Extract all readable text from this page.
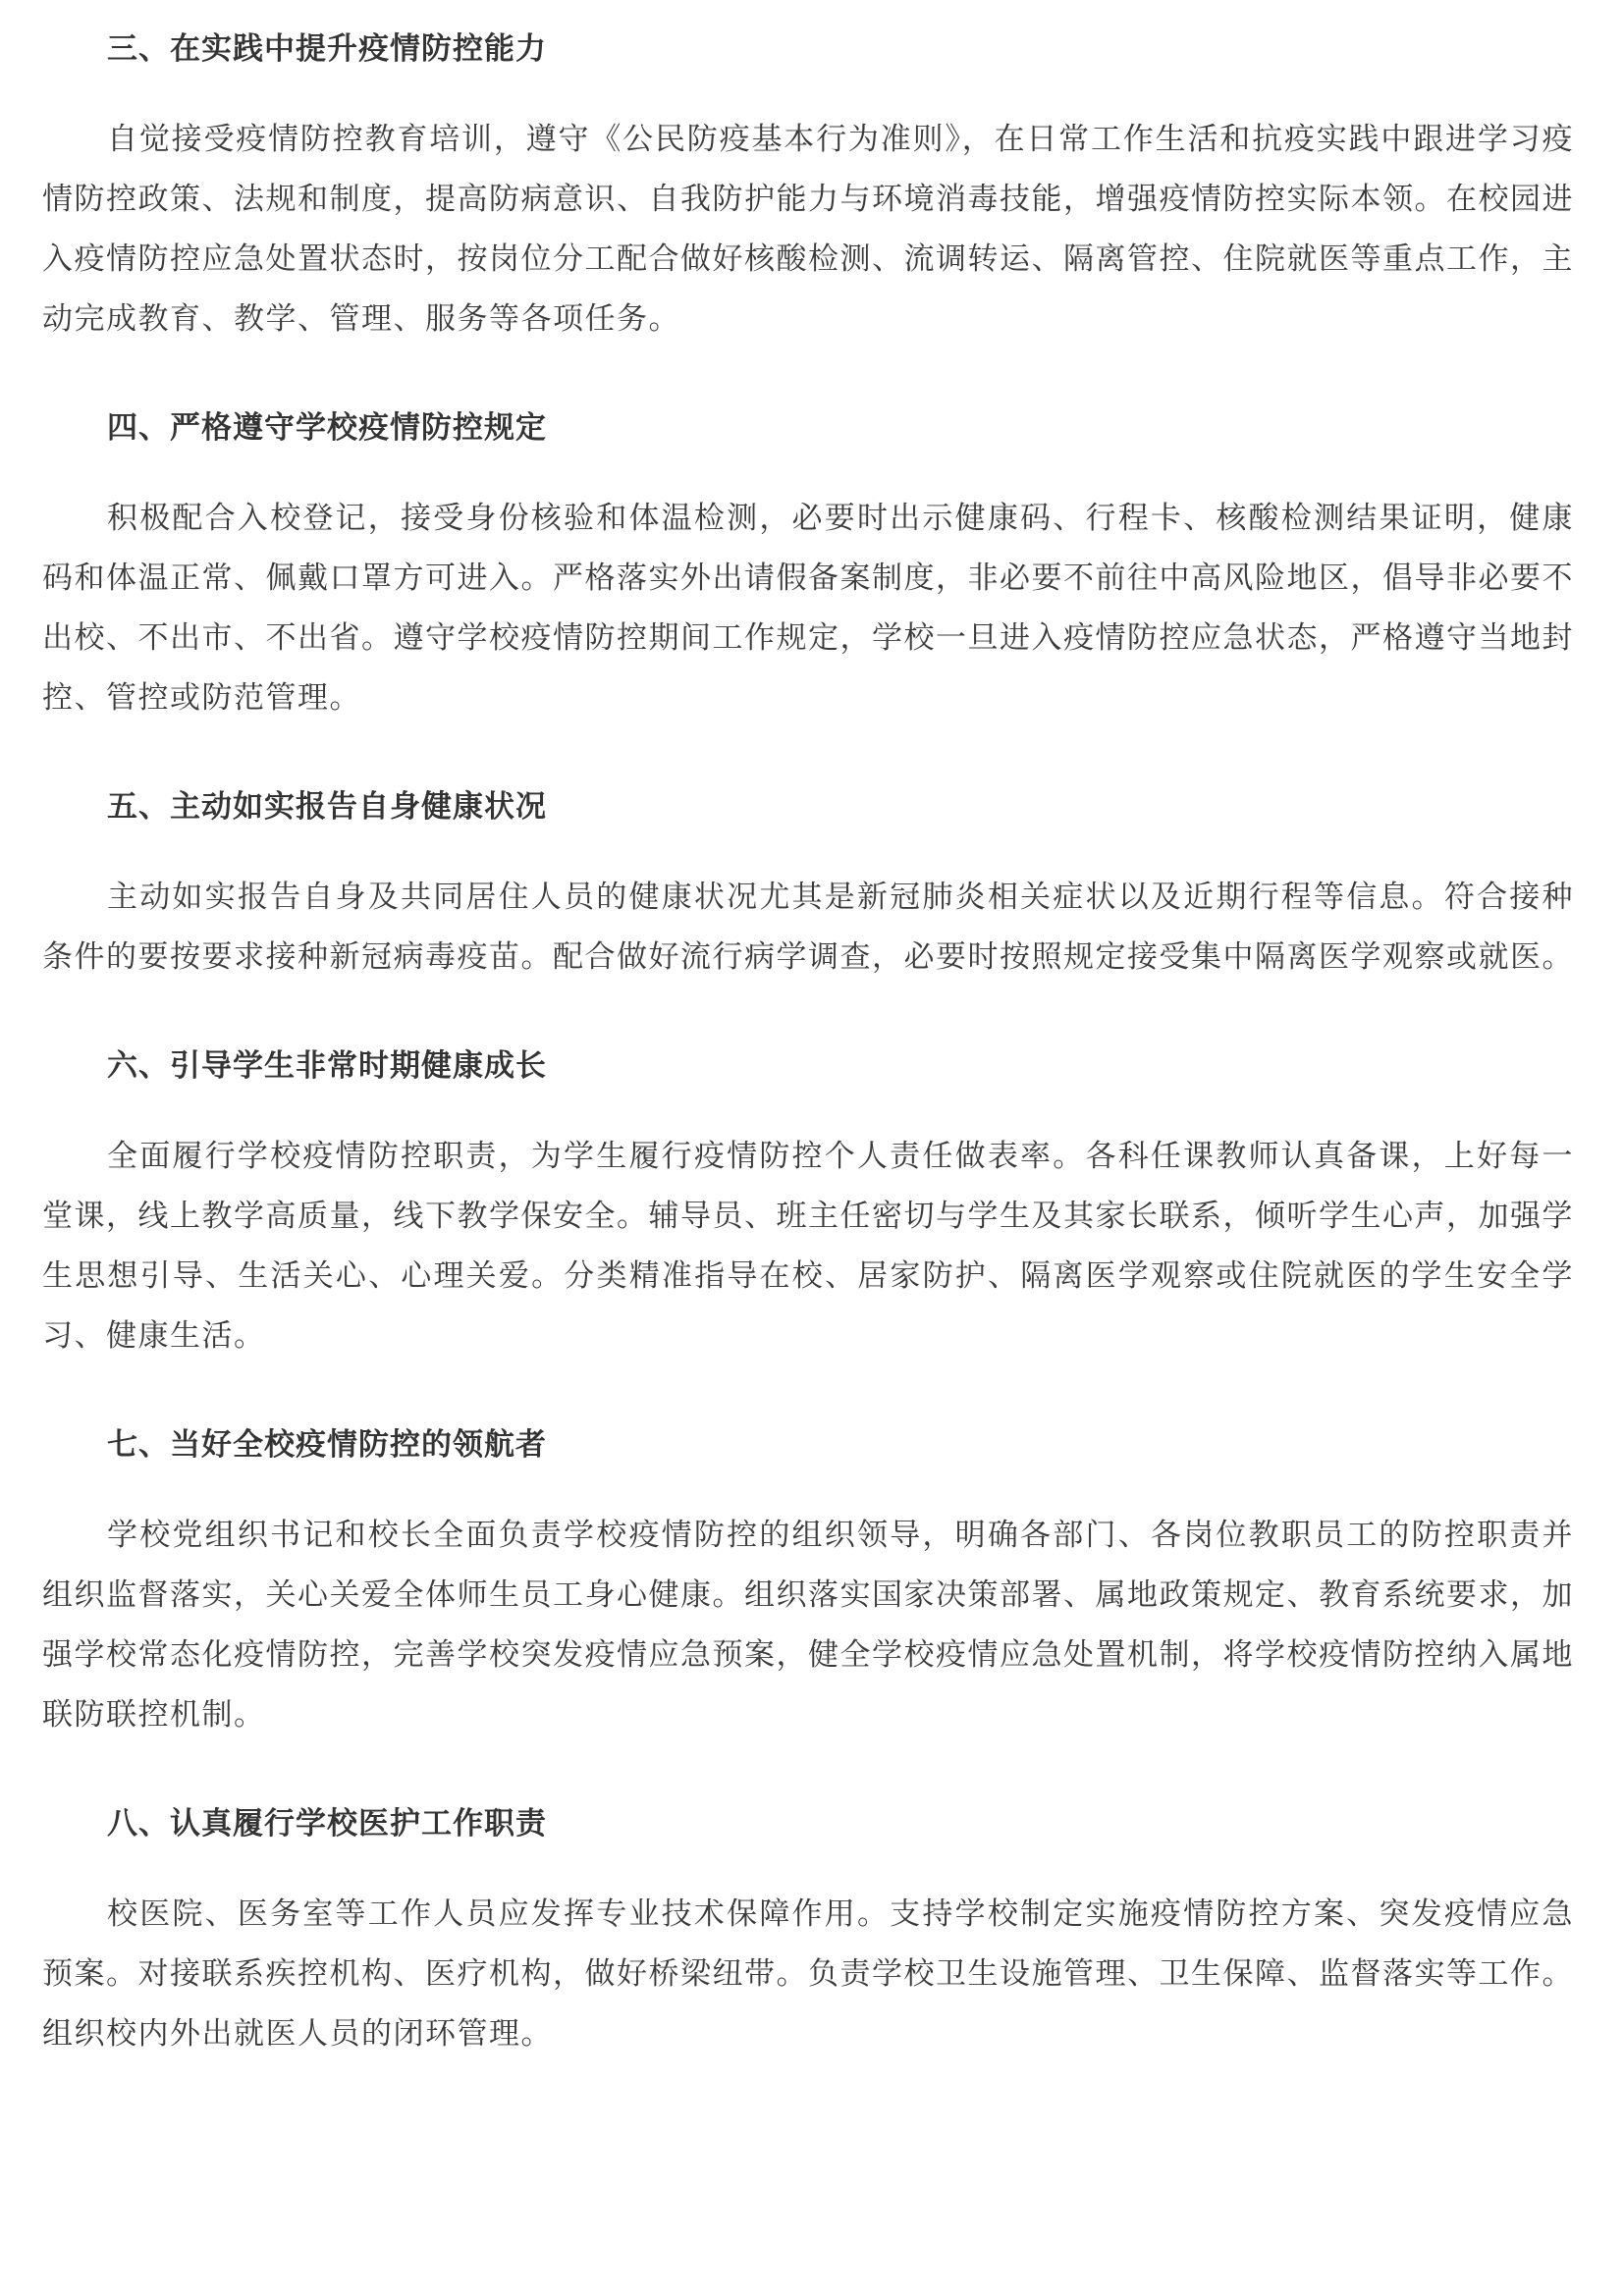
三、在实践中提升疫情防控能力

自觉接受疫情防控教育培训，遵守《公民防疫基本行为准则》，在日常工作生活和抗疫实践中跟进学习疫情防控政策、法规和制度，提高防病意识、自我防护能力与环境消毒技能，增强疫情防控实际本领。在校园进入疫情防控应急处置状态时，按岗位分工配合做好核酸检测、流调转运、隔离管控、住院就医等重点工作，主动完成教育、教学、管理、服务等各项任务。

四、严格遵守学校疫情防控规定

积极配合入校登记，接受身份核验和体温检测，必要时出示健康码、行程卡、核酸检测结果证明，健康码和体温正常、佩戴口罩方可进入。严格落实外出请假备案制度，非必要不前往中高风险地区，倡导非必要不出校、不出市、不出省。遵守学校疫情防控期间工作规定，学校一旦进入疫情防控应急状态，严格遵守当地封控、管控或防范管理。

五、主动如实报告自身健康状况

主动如实报告自身及共同居住人员的健康状况尤其是新冠肺炎相关症状以及近期行程等信息。符合接种条件的要按要求接种新冠病毒疫苗。配合做好流行病学调查，必要时按照规定接受集中隔离医学观察或就医。

六、引导学生非常时期健康成长

全面履行学校疫情防控职责，为学生履行疫情防控个人责任做表率。各科任课教师认真备课，上好每一堂课，线上教学高质量，线下教学保安全。辅导员、班主任密切与学生及其家长联系，倾听学生心声，加强学生思想引导、生活关心、心理关爱。分类精准指导在校、居家防护、隔离医学观察或住院就医的学生安全学习、健康生活。

七、当好全校疫情防控的领航者

学校党组织书记和校长全面负责学校疫情防控的组织领导，明确各部门、各岗位教职员工的防控职责并组织监督落实，关心关爱全体师生员工身心健康。组织落实国家决策部署、属地政策规定、教育系统要求，加强学校常态化疫情防控，完善学校突发疫情应急预案，健全学校疫情应急处置机制，将学校疫情防控纳入属地联防联控机制。

八、认真履行学校医护工作职责

校医院、医务室等工作人员应发挥专业技术保障作用。支持学校制定实施疫情防控方案、突发疫情应急预案。对接联系疾控机构、医疗机构，做好桥梁纽带。负责学校卫生设施管理、卫生保障、监督落实等工作。组织校内外出就医人员的闭环管理。
